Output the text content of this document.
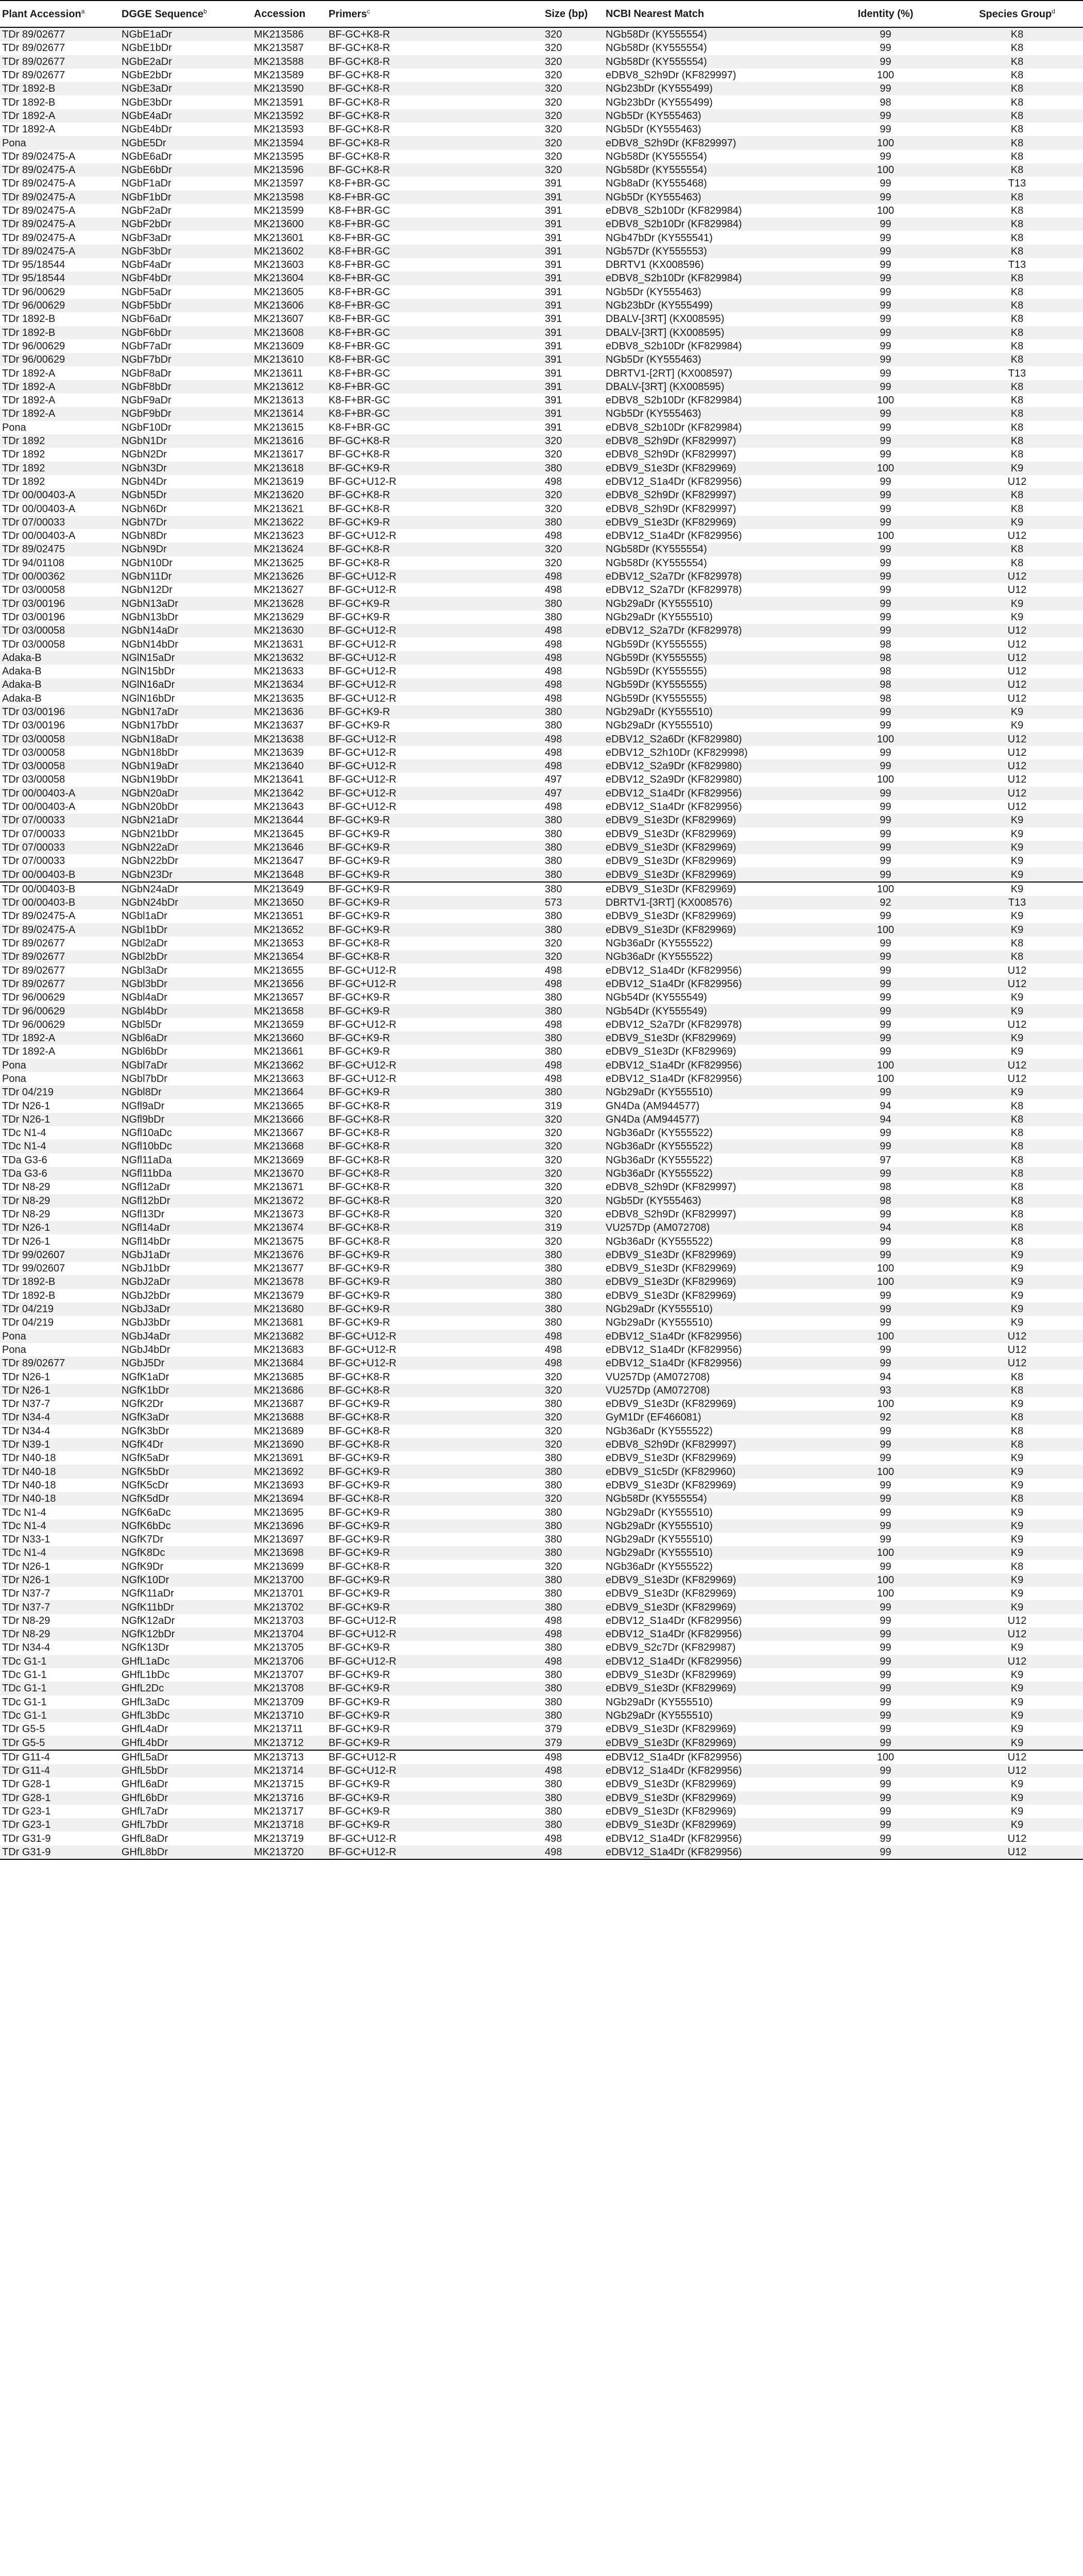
Plant Accession$^a$	DGGE Sequence$^b$	Accession	Primers$^c$	Size (bp)	NCBI Nearest Match	Identity (%)	Species Group$^d$
TDr 89/02677	NGbE1aDr	MK213586	BF-GC+K8-R	320	NGb58Dr (KY555554)	99	K8
TDr 89/02677	NGbE1bDr	MK213587	BF-GC+K8-R	320	NGb58Dr (KY555554)	99	K8
TDr 89/02677	NGbE2aDr	MK213588	BF-GC+K8-R	320	NGb58Dr (KY555554)	99	K8
TDr 89/02677	NGbE2bDr	MK213589	BF-GC+K8-R	320	eDBV8_S2h9Dr (KF829997)	100	K8
TDr 1892-B	NGbE3aDr	MK213590	BF-GC+K8-R	320	NGb23bDr (KY555499)	99	K8
TDr 1892-B	NGbE3bDr	MK213591	BF-GC+K8-R	320	NGb23bDr (KY555499)	98	K8
TDr 1892-A	NGbE4aDr	MK213592	BF-GC+K8-R	320	NGb5Dr (KY555463)	99	K8
TDr 1892-A	NGbE4bDr	MK213593	BF-GC+K8-R	320	NGb5Dr (KY555463)	99	K8
Pona	NGbE5Dr	MK213594	BF-GC+K8-R	320	eDBV8_S2h9Dr (KF829997)	100	K8
TDr 89/02475-A	NGbE6aDr	MK213595	BF-GC+K8-R	320	NGb58Dr (KY555554)	99	K8
TDr 89/02475-A	NGbE6bDr	MK213596	BF-GC+K8-R	320	NGb58Dr (KY555554)	100	K8
TDr 89/02475-A	NGbF1aDr	MK213597	K8-F+BR-GC	391	NGb8aDr (KY555468)	99	T13
TDr 89/02475-A	NGbF1bDr	MK213598	K8-F+BR-GC	391	NGb5Dr (KY555463)	99	K8
TDr 89/02475-A	NGbF2aDr	MK213599	K8-F+BR-GC	391	eDBV8_S2b10Dr (KF829984)	100	K8
TDr 89/02475-A	NGbF2bDr	MK213600	K8-F+BR-GC	391	eDBV8_S2b10Dr (KF829984)	99	K8
TDr 89/02475-A	NGbF3aDr	MK213601	K8-F+BR-GC	391	NGb47bDr (KY555541)	99	K8
TDr 89/02475-A	NGbF3bDr	MK213602	K8-F+BR-GC	391	NGb57Dr (KY555553)	99	K8
TDr 95/18544	NGbF4aDr	MK213603	K8-F+BR-GC	391	DBRTV1 (KX008596)	99	T13
TDr 95/18544	NGbF4bDr	MK213604	K8-F+BR-GC	391	eDBV8_S2b10Dr (KF829984)	99	K8
TDr 96/00629	NGbF5aDr	MK213605	K8-F+BR-GC	391	NGb5Dr (KY555463)	99	K8
TDr 96/00629	NGbF5bDr	MK213606	K8-F+BR-GC	391	NGb23bDr (KY555499)	99	K8
TDr 1892-B	NGbF6aDr	MK213607	K8-F+BR-GC	391	DBALV-[3RT] (KX008595)	99	K8
TDr 1892-B	NGbF6bDr	MK213608	K8-F+BR-GC	391	DBALV-[3RT] (KX008595)	99	K8
TDr 96/00629	NGbF7aDr	MK213609	K8-F+BR-GC	391	eDBV8_S2b10Dr (KF829984)	99	K8
TDr 96/00629	NGbF7bDr	MK213610	K8-F+BR-GC	391	NGb5Dr (KY555463)	99	K8
TDr 1892-A	NGbF8aDr	MK213611	K8-F+BR-GC	391	DBRTV1-[2RT] (KX008597)	99	T13
TDr 1892-A	NGbF8bDr	MK213612	K8-F+BR-GC	391	DBALV-[3RT] (KX008595)	99	K8
TDr 1892-A	NGbF9aDr	MK213613	K8-F+BR-GC	391	eDBV8_S2b10Dr (KF829984)	100	K8
TDr 1892-A	NGbF9bDr	MK213614	K8-F+BR-GC	391	NGb5Dr (KY555463)	99	K8
Pona	NGbF10Dr	MK213615	K8-F+BR-GC	391	eDBV8_S2b10Dr (KF829984)	99	K8
TDr 1892	NGbN1Dr	MK213616	BF-GC+K8-R	320	eDBV8_S2h9Dr (KF829997)	99	K8
TDr 1892	NGbN2Dr	MK213617	BF-GC+K8-R	320	eDBV8_S2h9Dr (KF829997)	99	K8
TDr 1892	NGbN3Dr	MK213618	BF-GC+K9-R	380	eDBV9_S1e3Dr (KF829969)	100	K9
TDr 1892	NGbN4Dr	MK213619	BF-GC+U12-R	498	eDBV12_S1a4Dr (KF829956)	99	U12
TDr 00/00403-A	NGbN5Dr	MK213620	BF-GC+K8-R	320	eDBV8_S2h9Dr (KF829997)	99	K8
TDr 00/00403-A	NGbN6Dr	MK213621	BF-GC+K8-R	320	eDBV8_S2h9Dr (KF829997)	99	K8
TDr 07/00033	NGbN7Dr	MK213622	BF-GC+K9-R	380	eDBV9_S1e3Dr (KF829969)	99	K9
TDr 00/00403-A	NGbN8Dr	MK213623	BF-GC+U12-R	498	eDBV12_S1a4Dr (KF829956)	100	U12
TDr 89/02475	NGbN9Dr	MK213624	BF-GC+K8-R	320	NGb58Dr (KY555554)	99	K8
TDr 94/01108	NGbN10Dr	MK213625	BF-GC+K8-R	320	NGb58Dr (KY555554)	99	K8
TDr 00/00362	NGbN11Dr	MK213626	BF-GC+U12-R	498	eDBV12_S2a7Dr (KF829978)	99	U12
TDr 03/00058	NGbN12Dr	MK213627	BF-GC+U12-R	498	eDBV12_S2a7Dr (KF829978)	99	U12
TDr 03/00196	NGbN13aDr	MK213628	BF-GC+K9-R	380	NGb29aDr (KY555510)	99	K9
TDr 03/00196	NGbN13bDr	MK213629	BF-GC+K9-R	380	NGb29aDr (KY555510)	99	K9
TDr 03/00058	NGbN14aDr	MK213630	BF-GC+U12-R	498	eDBV12_S2a7Dr (KF829978)	99	U12
TDr 03/00058	NGbN14bDr	MK213631	BF-GC+U12-R	498	NGb59Dr (KY555555)	98	U12
Adaka-B	NGlN15aDr	MK213632	BF-GC+U12-R	498	NGb59Dr (KY555555)	98	U12
Adaka-B	NGlN15bDr	MK213633	BF-GC+U12-R	498	NGb59Dr (KY555555)	98	U12
Adaka-B	NGlN16aDr	MK213634	BF-GC+U12-R	498	NGb59Dr (KY555555)	98	U12
Adaka-B	NGlN16bDr	MK213635	BF-GC+U12-R	498	NGb59Dr (KY555555)	98	U12
TDr 03/00196	NGbN17aDr	MK213636	BF-GC+K9-R	380	NGb29aDr (KY555510)	99	K9
TDr 03/00196	NGbN17bDr	MK213637	BF-GC+K9-R	380	NGb29aDr (KY555510)	99	K9
TDr 03/00058	NGbN18aDr	MK213638	BF-GC+U12-R	498	eDBV12_S2a6Dr (KF829980)	100	U12
TDr 03/00058	NGbN18bDr	MK213639	BF-GC+U12-R	498	eDBV12_S2h10Dr (KF829998)	99	U12
TDr 03/00058	NGbN19aDr	MK213640	BF-GC+U12-R	498	eDBV12_S2a9Dr (KF829980)	99	U12
TDr 03/00058	NGbN19bDr	MK213641	BF-GC+U12-R	497	eDBV12_S2a9Dr (KF829980)	100	U12
TDr 00/00403-A	NGbN20aDr	MK213642	BF-GC+U12-R	497	eDBV12_S1a4Dr (KF829956)	99	U12
TDr 00/00403-A	NGbN20bDr	MK213643	BF-GC+U12-R	498	eDBV12_S1a4Dr (KF829956)	99	U12
TDr 07/00033	NGbN21aDr	MK213644	BF-GC+K9-R	380	eDBV9_S1e3Dr (KF829969)	99	K9
TDr 07/00033	NGbN21bDr	MK213645	BF-GC+K9-R	380	eDBV9_S1e3Dr (KF829969)	99	K9
TDr 07/00033	NGbN22aDr	MK213646	BF-GC+K9-R	380	eDBV9_S1e3Dr (KF829969)	99	K9
TDr 07/00033	NGbN22bDr	MK213647	BF-GC+K9-R	380	eDBV9_S1e3Dr (KF829969)	99	K9
TDr 00/00403-B	NGbN23Dr	MK213648	BF-GC+K9-R	380	eDBV9_S1e3Dr (KF829969)	99	K9
TDr 00/00403-B	NGbN24aDr	MK213649	BF-GC+K9-R	380	eDBV9_S1e3Dr (KF829969)	100	K9
TDr 00/00403-B	NGbN24bDr	MK213650	BF-GC+K9-R	573	DBRTV1-[3RT] (KX008576)	92	T13
TDr 89/02475-A	NGbl1aDr	MK213651	BF-GC+K9-R	380	eDBV9_S1e3Dr (KF829969)	99	K9
TDr 89/02475-A	NGbl1bDr	MK213652	BF-GC+K9-R	380	eDBV9_S1e3Dr (KF829969)	100	K9
TDr 89/02677	NGbl2aDr	MK213653	BF-GC+K8-R	320	NGb36aDr (KY555522)	99	K8
TDr 89/02677	NGbl2bDr	MK213654	BF-GC+K8-R	320	NGb36aDr (KY555522)	99	K8
TDr 89/02677	NGbl3aDr	MK213655	BF-GC+U12-R	498	eDBV12_S1a4Dr (KF829956)	99	U12
TDr 89/02677	NGbl3bDr	MK213656	BF-GC+U12-R	498	eDBV12_S1a4Dr (KF829956)	99	U12
TDr 96/00629	NGbl4aDr	MK213657	BF-GC+K9-R	380	NGb54Dr (KY555549)	99	K9
TDr 96/00629	NGbl4bDr	MK213658	BF-GC+K9-R	380	NGb54Dr (KY555549)	99	K9
TDr 96/00629	NGbl5Dr	MK213659	BF-GC+U12-R	498	eDBV12_S2a7Dr (KF829978)	99	U12
TDr 1892-A	NGbl6aDr	MK213660	BF-GC+K9-R	380	eDBV9_S1e3Dr (KF829969)	99	K9
TDr 1892-A	NGbl6bDr	MK213661	BF-GC+K9-R	380	eDBV9_S1e3Dr (KF829969)	99	K9
Pona	NGbl7aDr	MK213662	BF-GC+U12-R	498	eDBV12_S1a4Dr (KF829956)	100	U12
Pona	NGbl7bDr	MK213663	BF-GC+U12-R	498	eDBV12_S1a4Dr (KF829956)	100	U12
TDr 04/219	NGbl8Dr	MK213664	BF-GC+K9-R	380	NGb29aDr (KY555510)	99	K9
TDr N26-1	NGfl9aDr	MK213665	BF-GC+K8-R	319	GN4Da (AM944577)	94	K8
TDr N26-1	NGfl9bDr	MK213666	BF-GC+K8-R	320	GN4Da (AM944577)	94	K8
TDc N1-4	NGfl10aDc	MK213667	BF-GC+K8-R	320	NGb36aDr (KY555522)	99	K8
TDc N1-4	NGfl10bDc	MK213668	BF-GC+K8-R	320	NGb36aDr (KY555522)	99	K8
TDa G3-6	NGfl11aDa	MK213669	BF-GC+K8-R	320	NGb36aDr (KY555522)	97	K8
TDa G3-6	NGfl11bDa	MK213670	BF-GC+K8-R	320	NGb36aDr (KY555522)	99	K8
TDr N8-29	NGfl12aDr	MK213671	BF-GC+K8-R	320	eDBV8_S2h9Dr (KF829997)	98	K8
TDr N8-29	NGfl12bDr	MK213672	BF-GC+K8-R	320	NGb5Dr (KY555463)	98	K8
TDr N8-29	NGfl13Dr	MK213673	BF-GC+K8-R	320	eDBV8_S2h9Dr (KF829997)	99	K8
TDr N26-1	NGfl14aDr	MK213674	BF-GC+K8-R	319	VU257Dp (AM072708)	94	K8
TDr N26-1	NGfl14bDr	MK213675	BF-GC+K8-R	320	NGb36aDr (KY555522)	99	K8
TDr 99/02607	NGbJ1aDr	MK213676	BF-GC+K9-R	380	eDBV9_S1e3Dr (KF829969)	99	K9
TDr 99/02607	NGbJ1bDr	MK213677	BF-GC+K9-R	380	eDBV9_S1e3Dr (KF829969)	100	K9
TDr 1892-B	NGbJ2aDr	MK213678	BF-GC+K9-R	380	eDBV9_S1e3Dr (KF829969)	100	K9
TDr 1892-B	NGbJ2bDr	MK213679	BF-GC+K9-R	380	eDBV9_S1e3Dr (KF829969)	99	K9
TDr 04/219	NGbJ3aDr	MK213680	BF-GC+K9-R	380	NGb29aDr (KY555510)	99	K9
TDr 04/219	NGbJ3bDr	MK213681	BF-GC+K9-R	380	NGb29aDr (KY555510)	99	K9
Pona	NGbJ4aDr	MK213682	BF-GC+U12-R	498	eDBV12_S1a4Dr (KF829956)	100	U12
Pona	NGbJ4bDr	MK213683	BF-GC+U12-R	498	eDBV12_S1a4Dr (KF829956)	99	U12
TDr 89/02677	NGbJ5Dr	MK213684	BF-GC+U12-R	498	eDBV12_S1a4Dr (KF829956)	99	U12
TDr N26-1	NGfK1aDr	MK213685	BF-GC+K8-R	320	VU257Dp (AM072708)	94	K8
TDr N26-1	NGfK1bDr	MK213686	BF-GC+K8-R	320	VU257Dp (AM072708)	93	K8
TDr N37-7	NGfK2Dr	MK213687	BF-GC+K9-R	380	eDBV9_S1e3Dr (KF829969)	100	K9
TDr N34-4	NGfK3aDr	MK213688	BF-GC+K8-R	320	GyM1Dr (EF466081)	92	K8
TDr N34-4	NGfK3bDr	MK213689	BF-GC+K8-R	320	NGb36aDr (KY555522)	99	K8
TDr N39-1	NGfK4Dr	MK213690	BF-GC+K8-R	320	eDBV8_S2h9Dr (KF829997)	99	K8
TDr N40-18	NGfK5aDr	MK213691	BF-GC+K9-R	380	eDBV9_S1e3Dr (KF829969)	99	K9
TDr N40-18	NGfK5bDr	MK213692	BF-GC+K9-R	380	eDBV9_S1c5Dr (KF829960)	100	K9
TDr N40-18	NGfK5cDr	MK213693	BF-GC+K9-R	380	eDBV9_S1e3Dr (KF829969)	99	K9
TDr N40-18	NGfK5dDr	MK213694	BF-GC+K8-R	320	NGb58Dr (KY555554)	99	K8
TDc N1-4	NGfK6aDc	MK213695	BF-GC+K9-R	380	NGb29aDr (KY555510)	99	K9
TDc N1-4	NGfK6bDc	MK213696	BF-GC+K9-R	380	NGb29aDr (KY555510)	99	K9
TDr N33-1	NGfK7Dr	MK213697	BF-GC+K9-R	380	NGb29aDr (KY555510)	99	K9
TDc N1-4	NGfK8Dc	MK213698	BF-GC+K9-R	380	NGb29aDr (KY555510)	100	K9
TDr N26-1	NGfK9Dr	MK213699	BF-GC+K8-R	320	NGb36aDr (KY555522)	99	K8
TDr N26-1	NGfK10Dr	MK213700	BF-GC+K9-R	380	eDBV9_S1e3Dr (KF829969)	100	K9
TDr N37-7	NGfK11aDr	MK213701	BF-GC+K9-R	380	eDBV9_S1e3Dr (KF829969)	100	K9
TDr N37-7	NGfK11bDr	MK213702	BF-GC+K9-R	380	eDBV9_S1e3Dr (KF829969)	99	K9
TDr N8-29	NGfK12aDr	MK213703	BF-GC+U12-R	498	eDBV12_S1a4Dr (KF829956)	99	U12
TDr N8-29	NGfK12bDr	MK213704	BF-GC+U12-R	498	eDBV12_S1a4Dr (KF829956)	99	U12
TDr N34-4	NGfK13Dr	MK213705	BF-GC+K9-R	380	eDBV9_S2c7Dr (KF829987)	99	K9
TDc G1-1	GHfL1aDc	MK213706	BF-GC+U12-R	498	eDBV12_S1a4Dr (KF829956)	99	U12
TDc G1-1	GHfL1bDc	MK213707	BF-GC+K9-R	380	eDBV9_S1e3Dr (KF829969)	99	K9
TDc G1-1	GHfL2Dc	MK213708	BF-GC+K9-R	380	eDBV9_S1e3Dr (KF829969)	99	K9
TDc G1-1	GHfL3aDc	MK213709	BF-GC+K9-R	380	NGb29aDr (KY555510)	99	K9
TDc G1-1	GHfL3bDc	MK213710	BF-GC+K9-R	380	NGb29aDr (KY555510)	99	K9
TDr G5-5	GHfL4aDr	MK213711	BF-GC+K9-R	379	eDBV9_S1e3Dr (KF829969)	99	K9
TDr G5-5	GHfL4bDr	MK213712	BF-GC+K9-R	379	eDBV9_S1e3Dr (KF829969)	99	K9
TDr G11-4	GHfL5aDr	MK213713	BF-GC+U12-R	498	eDBV12_S1a4Dr (KF829956)	100	U12
TDr G11-4	GHfL5bDr	MK213714	BF-GC+U12-R	498	eDBV12_S1a4Dr (KF829956)	99	U12
TDr G28-1	GHfL6aDr	MK213715	BF-GC+K9-R	380	eDBV9_S1e3Dr (KF829969)	99	K9
TDr G28-1	GHfL6bDr	MK213716	BF-GC+K9-R	380	eDBV9_S1e3Dr (KF829969)	99	K9
TDr G23-1	GHfL7aDr	MK213717	BF-GC+K9-R	380	eDBV9_S1e3Dr (KF829969)	99	K9
TDr G23-1	GHfL7bDr	MK213718	BF-GC+K9-R	380	eDBV9_S1e3Dr (KF829969)	99	K9
TDr G31-9	GHfL8aDr	MK213719	BF-GC+U12-R	498	eDBV12_S1a4Dr (KF829956)	99	U12
TDr G31-9	GHfL8bDr	MK213720	BF-GC+U12-R	498	eDBV12_S1a4Dr (KF829956)	99	U12
